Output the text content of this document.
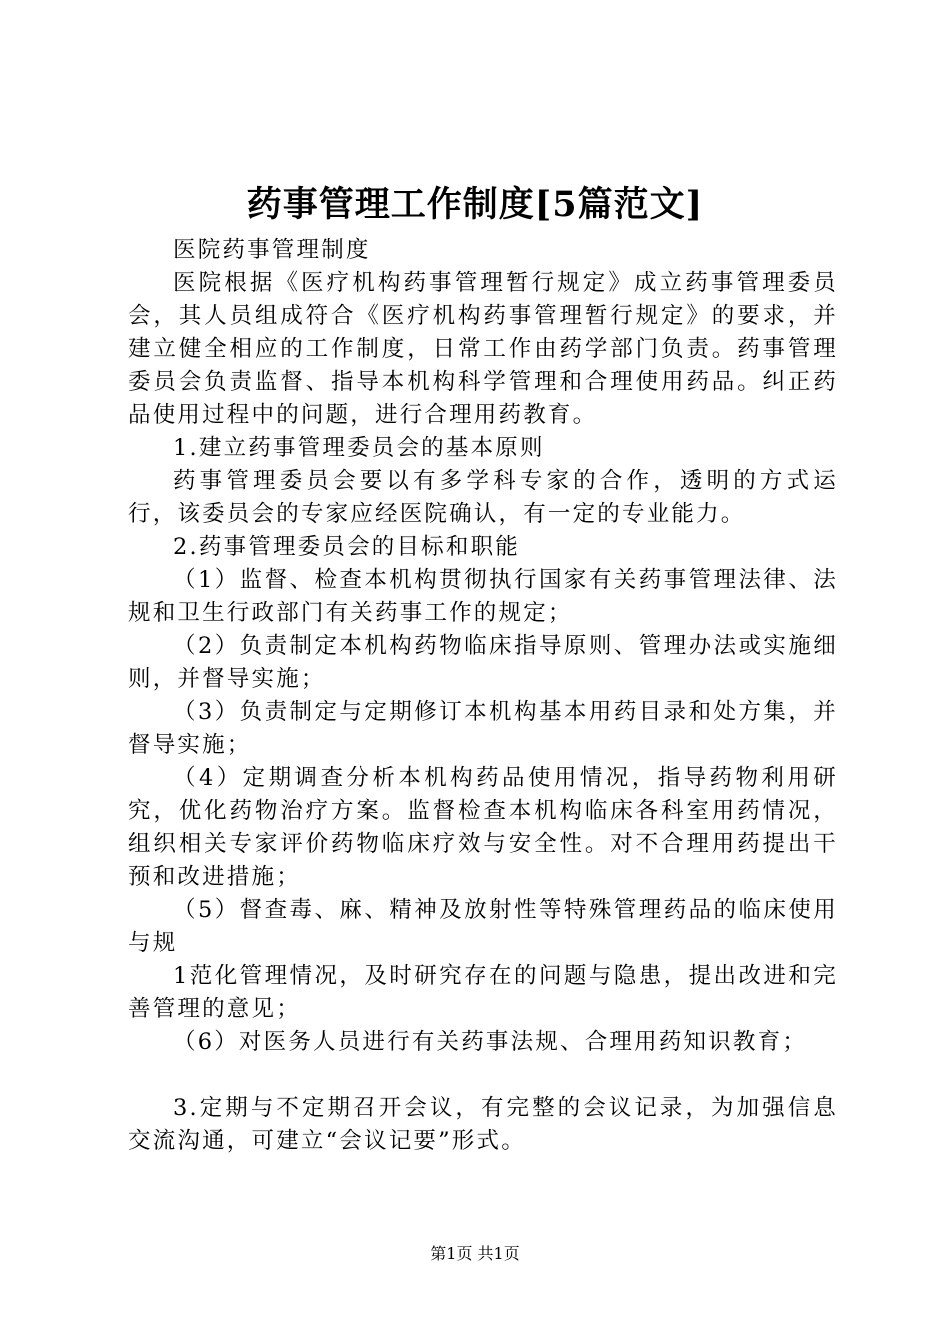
药事管理工作制度[5篇范文]

医院药事管理制度

医院根据《医疗机构药事管理暂行规定》成立药事管理委员会，其人员组成符合《医疗机构药事管理暂行规定》的要求，并建立健全相应的工作制度，日常工作由药学部门负责。药事管理委员会负责监督、指导本机构科学管理和合理使用药品。纠正药品使用过程中的问题，进行合理用药教育。

1.建立药事管理委员会的基本原则

药事管理委员会要以有多学科专家的合作，透明的方式运行，该委员会的专家应经医院确认，有一定的专业能力。

2.药事管理委员会的目标和职能

（1）监督、检查本机构贯彻执行国家有关药事管理法律、法规和卫生行政部门有关药事工作的规定；

（2）负责制定本机构药物临床指导原则、管理办法或实施细则，并督导实施；

（3）负责制定与定期修订本机构基本用药目录和处方集，并督导实施；

（4）定期调查分析本机构药品使用情况，指导药物利用研究，优化药物治疗方案。监督检查本机构临床各科室用药情况，组织相关专家评价药物临床疗效与安全性。对不合理用药提出干预和改进措施；

（5）督查毒、麻、精神及放射性等特殊管理药品的临床使用与规

1范化管理情况，及时研究存在的问题与隐患，提出改进和完善管理的意见；

（6）对医务人员进行有关药事法规、合理用药知识教育；

3.定期与不定期召开会议，有完整的会议记录，为加强信息交流沟通，可建立“会议记要”形式。

第1页 共1页
